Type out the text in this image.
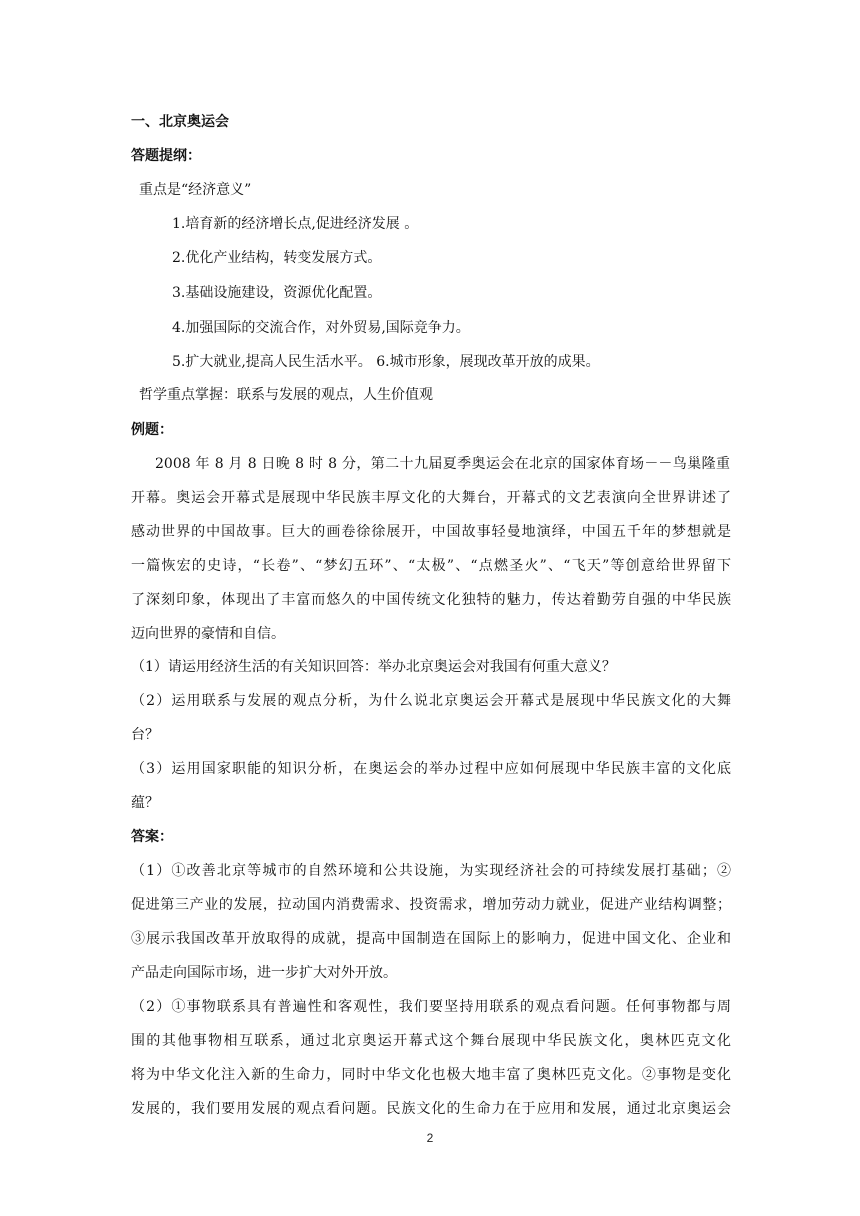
一、北京奥运会
答题提纲：
重点是“经济意义”
1.培育新的经济增长点,促进经济发展 。
2.优化产业结构，转变发展方式。
3.基础设施建设，资源优化配置。
4.加强国际的交流合作，对外贸易,国际竞争力。
5.扩大就业,提高人民生活水平。 6.城市形象，展现改革开放的成果。
哲学重点掌握：联系与发展的观点，人生价值观
例题：
2008 年 8 月 8 日晚 8 时 8 分，第二十九届夏季奥运会在北京的国家体育场－－鸟巢隆重
开幕。奥运会开幕式是展现中华民族丰厚文化的大舞台，开幕式的文艺表演向全世界讲述了
感动世界的中国故事。巨大的画卷徐徐展开，中国故事轻曼地演绎，中国五千年的梦想就是
一篇恢宏的史诗，“长卷”、“梦幻五环”、“太极”、“点燃圣火”、“飞天”等创意给世界留下
了深刻印象，体现出了丰富而悠久的中国传统文化独特的魅力，传达着勤劳自强的中华民族
迈向世界的豪情和自信。
（1）请运用经济生活的有关知识回答：举办北京奥运会对我国有何重大意义？
（2）运用联系与发展的观点分析，为什么说北京奥运会开幕式是展现中华民族文化的大舞
台？
（3）运用国家职能的知识分析，在奥运会的举办过程中应如何展现中华民族丰富的文化底
蕴？
答案：
（1）①改善北京等城市的自然环境和公共设施，为实现经济社会的可持续发展打基础；②
促进第三产业的发展，拉动国内消费需求、投资需求，增加劳动力就业，促进产业结构调整；
③展示我国改革开放取得的成就，提高中国制造在国际上的影响力，促进中国文化、企业和
产品走向国际市场，进一步扩大对外开放。
（2）①事物联系具有普遍性和客观性，我们要坚持用联系的观点看问题。任何事物都与周
围的其他事物相互联系，通过北京奥运开幕式这个舞台展现中华民族文化，奥林匹克文化
将为中华文化注入新的生命力，同时中华文化也极大地丰富了奥林匹克文化。②事物是变化
发展的，我们要用发展的观点看问题。民族文化的生命力在于应用和发展，通过北京奥运会
2
